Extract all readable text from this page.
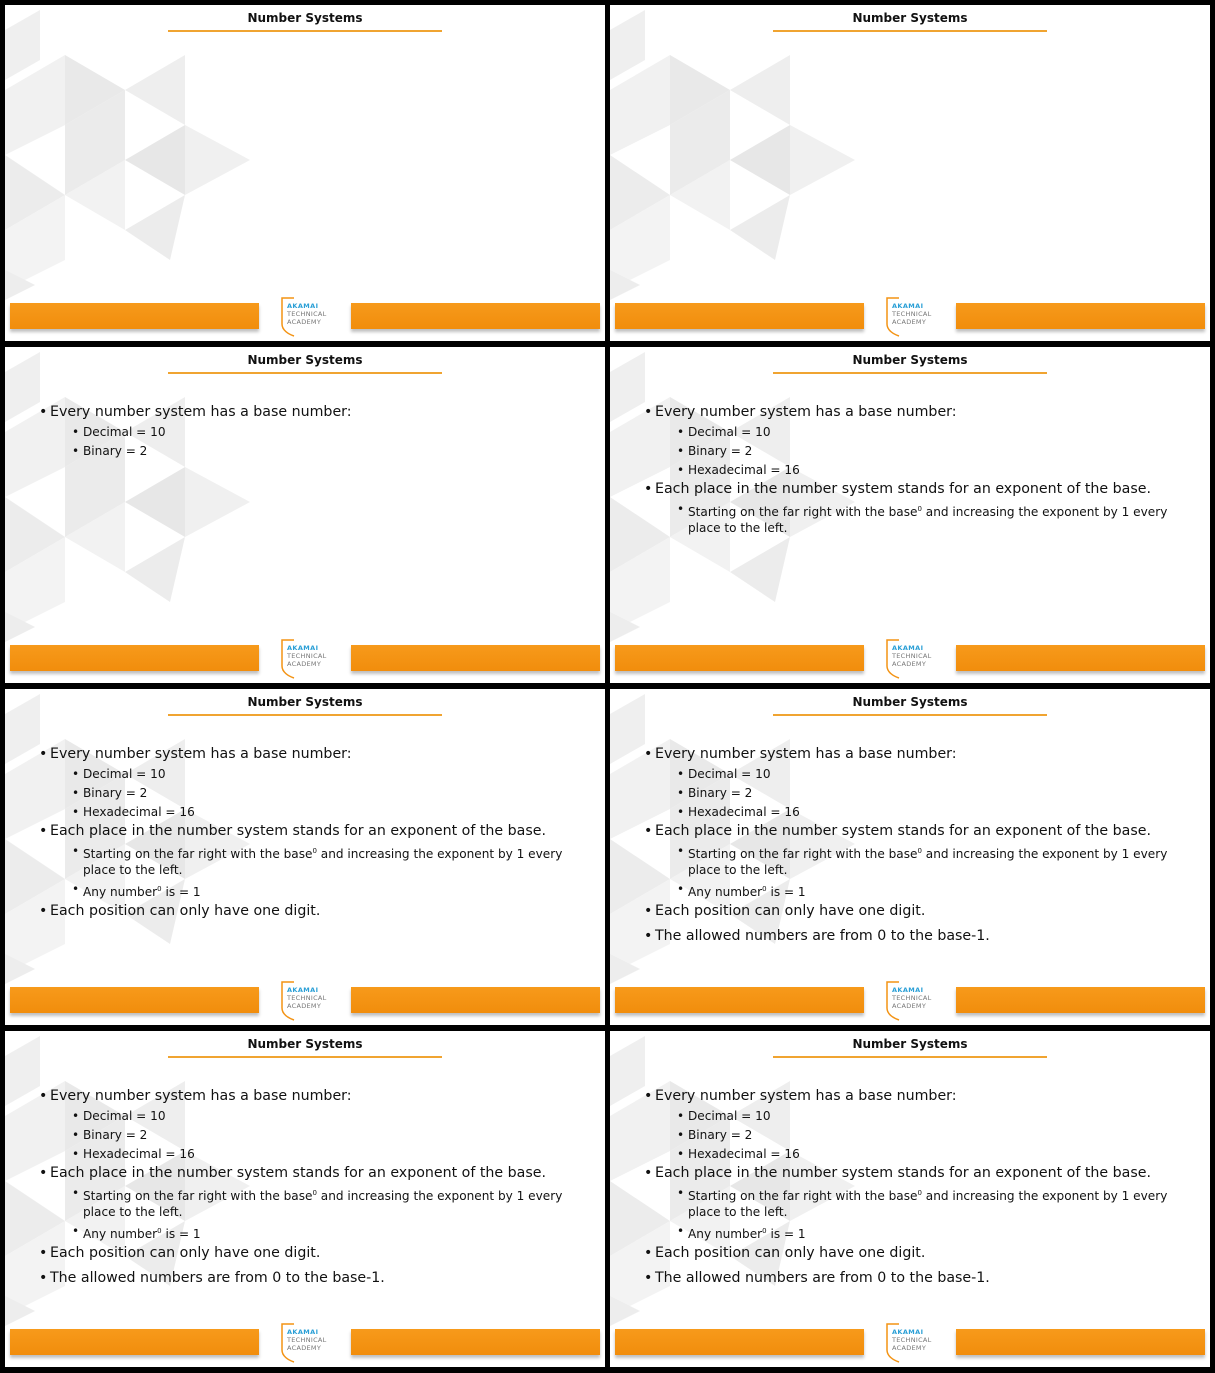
Number Systems
AKAMAI
TECHNICAL
ACADEMY
Number Systems
AKAMAI
TECHNICAL
ACADEMY
Number Systems
• Every number system has a base number:
• Decimal = 10
• Binary = 2
AKAMAI
TECHNICAL
ACADEMY
Number Systems
• Every number system has a base number:
• Decimal = 10
• Binary = 2
• Hexadecimal = 16
• Each place in the number system stands for an exponent of the base.
• Starting on the far right with the base$^0$ and increasing the exponent by 1 every place to the left.
AKAMAI
TECHNICAL
ACADEMY
Number Systems
• Every number system has a base number:
• Decimal = 10
• Binary = 2
• Hexadecimal = 16
• Each place in the number system stands for an exponent of the base.
• Starting on the far right with the base$^0$ and increasing the exponent by 1 every place to the left.
• Any number$^0$ is = 1
• Each position can only have one digit.
AKAMAI
TECHNICAL
ACADEMY
Number Systems
• Every number system has a base number:
• Decimal = 10
• Binary = 2
• Hexadecimal = 16
• Each place in the number system stands for an exponent of the base.
• Starting on the far right with the base$^0$ and increasing the exponent by 1 every place to the left.
• Any number$^0$ is = 1
• Each position can only have one digit.
• The allowed numbers are from 0 to the base-1.
AKAMAI
TECHNICAL
ACADEMY
Number Systems
• Every number system has a base number:
• Decimal = 10
• Binary = 2
• Hexadecimal = 16
• Each place in the number system stands for an exponent of the base.
• Starting on the far right with the base$^0$ and increasing the exponent by 1 every place to the left.
• Any number$^0$ is = 1
• Each position can only have one digit.
• The allowed numbers are from 0 to the base-1.
AKAMAI
TECHNICAL
ACADEMY
Number Systems
• Every number system has a base number:
• Decimal = 10
• Binary = 2
• Hexadecimal = 16
• Each place in the number system stands for an exponent of the base.
• Starting on the far right with the base$^0$ and increasing the exponent by 1 every place to the left.
• Any number$^0$ is = 1
• Each position can only have one digit.
• The allowed numbers are from 0 to the base-1.
AKAMAI
TECHNICAL
ACADEMY
